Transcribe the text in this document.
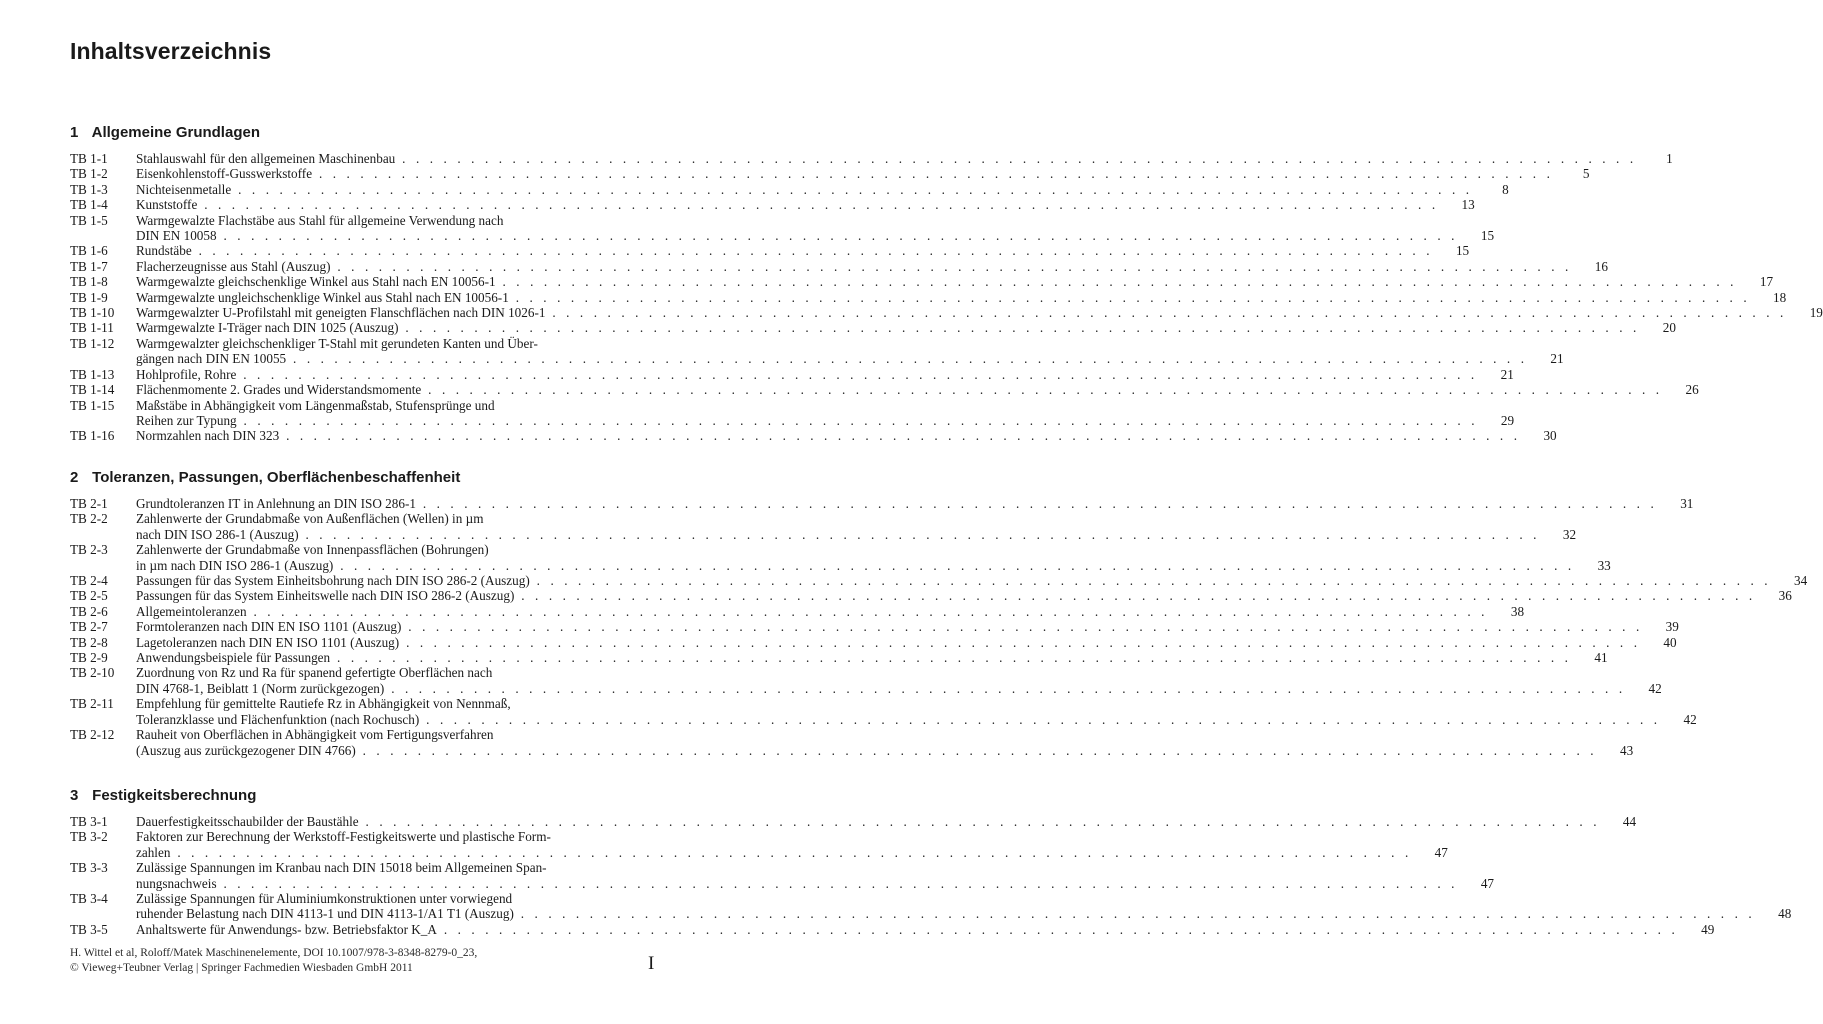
Inhaltsverzeichnis
1 Allgemeine Grundlagen
TB 1-1	Stahlauswahl für den allgemeinen Maschinenbau . . .	1
TB 1-2	Eisenkohlenstoff-Gusswerkstoffe . . .	5
TB 1-3	Nichteisenmetalle . . .	8
TB 1-4	Kunststoffe . . .	13
TB 1-5	Warmgewalzte Flachstäbe aus Stahl für allgemeine Verwendung nach
DIN EN 10058 . . .	15
TB 1-6	Rundstäbe . . .	15
TB 1-7	Flacherzeugnisse aus Stahl (Auszug) . . .	16
TB 1-8	Warmgewalzte gleichschenklige Winkel aus Stahl nach EN 10056-1 . . .	17
TB 1-9	Warmgewalzte ungleichschenklige Winkel aus Stahl nach EN 10056-1 . . .	18
TB 1-10	Warmgewalzter U-Profilstahl mit geneigten Flanschflächen nach DIN 1026-1 . . .	19
TB 1-11	Warmgewalzte I-Träger nach DIN 1025 (Auszug) . . .	20
TB 1-12	Warmgewalzter gleichschenkliger T-Stahl mit gerundeten Kanten und Über-
gängen nach DIN EN 10055 . . .	21
TB 1-13	Hohlprofile, Rohre . . .	21
TB 1-14	Flächenmomente 2. Grades und Widerstandsmomente . . .	26
TB 1-15	Maßstäbe in Abhängigkeit vom Längenmaßstab, Stufensprünge und
Reihen zur Typung . . .	29
TB 1-16	Normzahlen nach DIN 323 . . .	30
2 Toleranzen, Passungen, Oberflächenbeschaffenheit
TB 2-1	Grundtoleranzen IT in Anlehnung an DIN ISO 286-1 . . .	31
TB 2-2	Zahlenwerte der Grundabmaße von Außenflächen (Wellen) in µm
nach DIN ISO 286-1 (Auszug) . . .	32
TB 2-3	Zahlenwerte der Grundabmaße von Innenpassflächen (Bohrungen)
in µm nach DIN ISO 286-1 (Auszug) . . .	33
TB 2-4	Passungen für das System Einheitsbohrung nach DIN ISO 286-2 (Auszug) . . .	34
TB 2-5	Passungen für das System Einheitswelle nach DIN ISO 286-2 (Auszug) . . .	36
TB 2-6	Allgemeintoleranzen . . .	38
TB 2-7	Formtoleranzen nach DIN EN ISO 1101 (Auszug) . . .	39
TB 2-8	Lagetoleranzen nach DIN EN ISO 1101 (Auszug) . . .	40
TB 2-9	Anwendungsbeispiele für Passungen . . .	41
TB 2-10	Zuordnung von Rz und Ra für spanend gefertigte Oberflächen nach
DIN 4768-1, Beiblatt 1 (Norm zurückgezogen) . . .	42
TB 2-11	Empfehlung für gemittelte Rautiefe Rz in Abhängigkeit von Nennmaß,
Toleranzklasse und Flächenfunktion (nach Rochusch) . . .	42
TB 2-12	Rauheit von Oberflächen in Abhängigkeit vom Fertigungsverfahren
(Auszug aus zurückgezogener DIN 4766) . . .	43
3 Festigkeitsberechnung
TB 3-1	Dauerfestigkeitsschaubilder der Baustähle . . .	44
TB 3-2	Faktoren zur Berechnung der Werkstoff-Festigkeitswerte und plastische Form-
zahlen . . .	47
TB 3-3	Zulässige Spannungen im Kranbau nach DIN 15018 beim Allgemeinen Span-
nungsnachweis . . .	47
TB 3-4	Zulässige Spannungen für Aluminiumkonstruktionen unter vorwiegend
ruhender Belastung nach DIN 4113-1 und DIN 4113-1/A1 T1 (Auszug) . . .	48
TB 3-5	Anhaltswerte für Anwendungs- bzw. Betriebsfaktor K_A . . .	49
H. Wittel et al, Roloff/Matek Maschinenelemente, DOI 10.1007/978-3-8348-8279-0_23,
© Vieweg+Teubner Verlag | Springer Fachmedien Wiesbaden GmbH 2011	I
